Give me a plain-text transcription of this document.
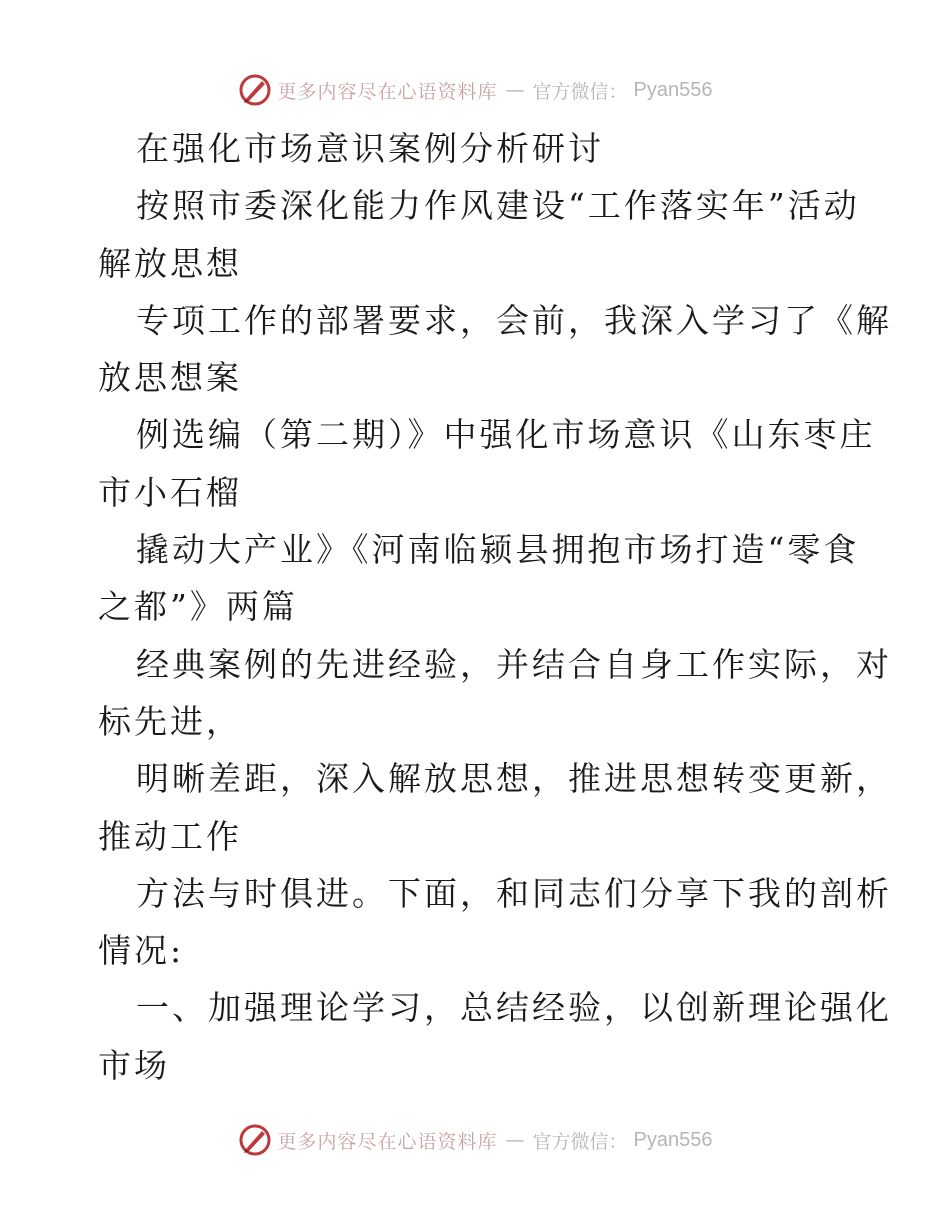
更多内容尽在心语资料库 — 官方微信： Pyan556
在强化市场意识案例分析研讨
按照市委深化能力作风建设“工作落实年”活动
解放思想
专项工作的部署要求，会前，我深入学习了《解
放思想案
例选编（第二期）》中强化市场意识《山东枣庄
市小石榴
撬动大产业》《河南临颍县拥抱市场打造“零食
之都”》两篇
经典案例的先进经验，并结合自身工作实际，对
标先进，
明晰差距，深入解放思想，推进思想转变更新，
推动工作
方法与时俱进。下面，和同志们分享下我的剖析
情况:
一、加强理论学习，总结经验，以创新理论强化
市场
更多内容尽在心语资料库 — 官方微信： Pyan556
